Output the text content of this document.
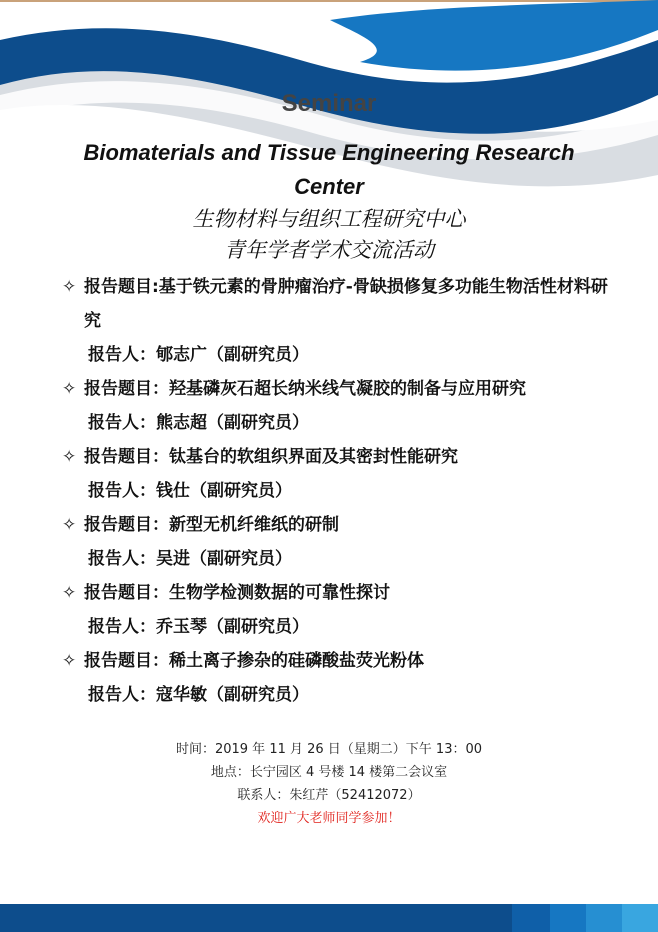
Seminar
Biomaterials and Tissue Engineering Research Center
生物材料与组织工程研究中心
青年学者学术交流活动
✧ 报告题目:基于铁元素的骨肿瘤治疗-骨缺损修复多功能生物活性材料研究
报告人：郇志广（副研究员）
✧ 报告题目：羟基磷灰石超长纳米线气凝胶的制备与应用研究
报告人：熊志超（副研究员）
✧ 报告题目：钛基台的软组织界面及其密封性能研究
报告人：钱仕（副研究员）
✧ 报告题目：新型无机纤维纸的研制
报告人：吴进（副研究员）
✧ 报告题目：生物学检测数据的可靠性探讨
报告人：乔玉琴（副研究员）
✧ 报告题目：稀土离子掺杂的硅磷酸盐荧光粉体
报告人：寇华敏（副研究员）
时间：2019 年 11 月 26 日（星期二）下午 13：00
地点：长宁园区 4 号楼 14 楼第二会议室
联系人：朱红芹（52412072）
欢迎广大老师同学参加！
